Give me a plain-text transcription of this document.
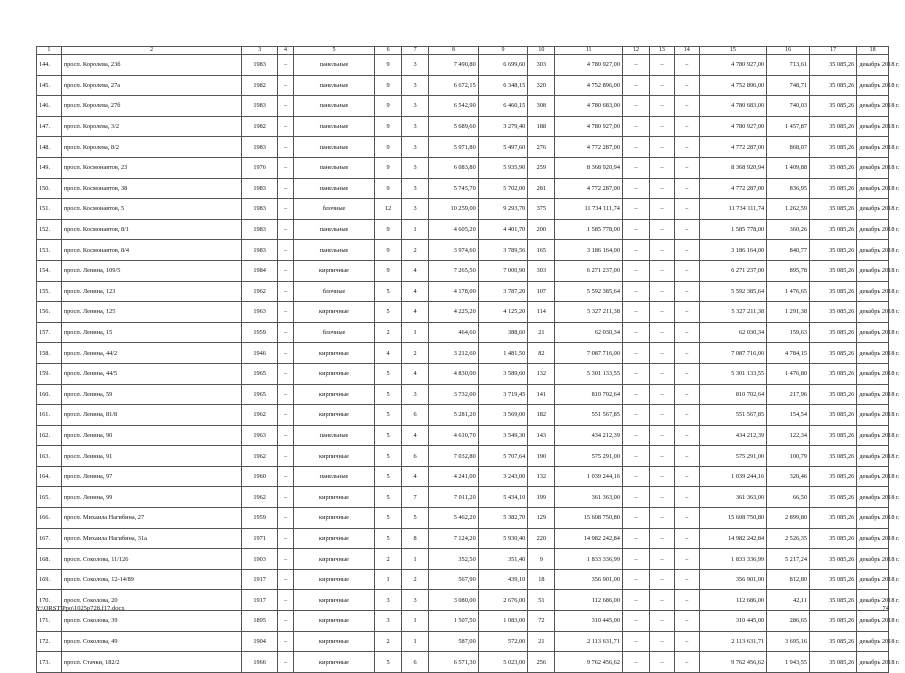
1	2	3	4	5	6	7	8	9	10	11	12	13	14	15	16	17	18
144.	просп. Королева, 23б	1983	–	панельные	9	3	7 490,80	6 699,60	303	4 780 927,00	–	–	–	4 780 927,00	713,61	35 085,26	декабрь 2018 г.
145.	просп. Королева, 27а	1982	–	панельные	9	3	6 672,15	6 348,15	320	4 752 896,00	–	–	–	4 752 896,00	748,71	35 085,26	декабрь 2018 г.
146.	просп. Королева, 27б	1983	–	панельные	9	3	6 542,90	6 460,15	308	4 780 683,00	–	–	–	4 780 683,00	740,03	35 085,26	декабрь 2018 г.
147.	просп. Королева, 3/2	1982	–	панельные	9	3	5 689,60	3 279,40	188	4 780 927,00	–	–	–	4 780 927,00	1 457,87	35 085,26	декабрь 2018 г.
148.	просп. Королева, 8/2	1983	–	панельные	9	3	5 971,80	5 497,60	276	4 772 287,00	–	–	–	4 772 287,00	868,07	35 085,26	декабрь 2018 г.
149.	просп. Космонавтов, 23	1976	–	панельные	9	3	6 083,80	5 935,90	259	8 368 920,94	–	–	–	8 368 920,94	1 409,88	35 085,26	декабрь 2018 г.
150.	просп. Космонавтов, 38	1983	–	панельные	9	3	5 745,70	5 702,00	281	4 772 287,00	–	–	–	4 772 287,00	836,95	35 085,26	декабрь 2018 г.
151.	просп. Космонавтов, 5	1983	–	блочные	12	3	10 259,00	9 293,70	375	11 734 111,74	–	–	–	11 734 111,74	1 262,59	35 085,26	декабрь 2018 г.
152.	просп. Космонавтов, 8/1	1983	–	панельные	9	1	4 605,20	4 401,70	200	1 585 778,00	–	–	–	1 585 778,00	360,26	35 085,26	декабрь 2018 г.
153.	просп. Космонавтов, 8/4	1983	–	панельные	9	2	3 974,60	3 789,56	165	3 186 164,00	–	–	–	3 186 164,00	840,77	35 085,26	декабрь 2018 г.
154.	просп. Ленина, 109/5	1984	–	кирпичные	9	4	7 265,50	7 000,90	303	6 271 237,00	–	–	–	6 271 237,00	895,78	35 085,26	декабрь 2018 г.
155.	просп. Ленина, 123	1962	–	блочные	5	4	4 178,00	3 787,20	107	5 592 385,64	–	–	–	5 592 385,64	1 476,65	35 085,26	декабрь 2018 г.
156.	просп. Ленина, 125	1963	–	кирпичные	5	4	4 225,20	4 125,20	114	5 327 211,38	–	–	–	5 327 211,38	1 291,38	35 085,26	декабрь 2018 г.
157.	просп. Ленина, 15	1959	–	блочные	2	1	464,60	388,60	21	62 030,34	–	–	–	62 030,34	159,63	35 085,26	декабрь 2018 г.
158.	просп. Ленина, 44/2	1946	–	кирпичные	4	2	3 212,60	1 481,50	82	7 087 716,00	–	–	–	7 087 716,00	4 784,15	35 085,26	декабрь 2018 г.
159.	просп. Ленина, 44/5	1965	–	кирпичные	5	4	4 830,00	3 589,60	132	5 301 133,55	–	–	–	5 301 133,55	1 476,80	35 085,26	декабрь 2018 г.
160.	просп. Ленина, 59	1965	–	кирпичные	5	3	3 732,00	3 719,45	141	810 702,64	–	–	–	810 702,64	217,96	35 085,26	декабрь 2018 г.
161.	просп. Ленина, 81/8	1962	–	кирпичные	5	6	5 281,20	3 569,00	182	551 567,85	–	–	–	551 567,85	154,54	35 085,26	декабрь 2018 г.
162.	просп. Ленина, 90	1963	–	панельные	5	4	4 610,70	3 549,30	143	434 212,39	–	–	–	434 212,39	122,34	35 085,26	декабрь 2018 г.
163.	просп. Ленина, 91	1962	–	кирпичные	5	6	7 032,80	5 707,64	190	575 291,00	–	–	–	575 291,00	100,79	35 085,26	декабрь 2018 г.
164.	просп. Ленина, 97	1960	–	панельные	5	4	4 241,00	3 243,00	132	1 039 244,16	–	–	–	1 039 244,16	320,46	35 085,26	декабрь 2018 г.
165.	просп. Ленина, 99	1962	–	кирпичные	5	7	7 011,20	5 434,10	199	361 363,00	–	–	–	361 363,00	66,50	35 085,26	декабрь 2018 г.
166.	просп. Михаила Нагибина, 27	1959	–	кирпичные	5	5	5 462,20	5 382,70	129	15 608 750,80	–	–	–	15 608 750,80	2 899,80	35 085,26	декабрь 2018 г.
167.	просп. Михаила Нагибина, 31а	1971	–	кирпичные	5	8	7 124,20	5 930,40	220	14 982 242,84	–	–	–	14 982 242,84	2 526,35	35 085,26	декабрь 2018 г.
168.	просп. Соколова, 11/126	1903	–	кирпичные	2	1	352,50	351,40	9	1 833 336,99	–	–	–	1 833 336,99	5 217,24	35 085,26	декабрь 2018 г.
169.	просп. Соколова, 12-14/89	1917	–	кирпичные	1	2	567,90	439,10	18	356 901,00	–	–	–	356 901,00	812,80	35 085,26	декабрь 2018 г.
170.	просп. Соколова, 20	1917	–	кирпичные	3	3	3 080,00	2 676,00	51	112 686,00	–	–	–	112 686,00	42,11	35 085,26	декабрь 2018 г.
171.	просп. Соколова, 39	1895	–	кирпичные	3	1	1 507,50	1 083,00	72	310 445,00	–	–	–	310 445,00	286,65	35 085,26	декабрь 2018 г.
172.	просп. Соколова, 49	1904	–	кирпичные	2	1	587,00	572,00	21	2 113 631,71	–	–	–	2 113 631,71	3 695,16	35 085,26	декабрь 2018 г.
173.	просп. Стачки, 182/2	1966	–	кирпичные	5	6	6 571,30	5 023,00	256	9 762 456,62	–	–	–	9 762 456,62	1 943,55	35 085,26	декабрь 2018 г.
Y:\ORST\Ppo\1025p728.f17.docx	74
